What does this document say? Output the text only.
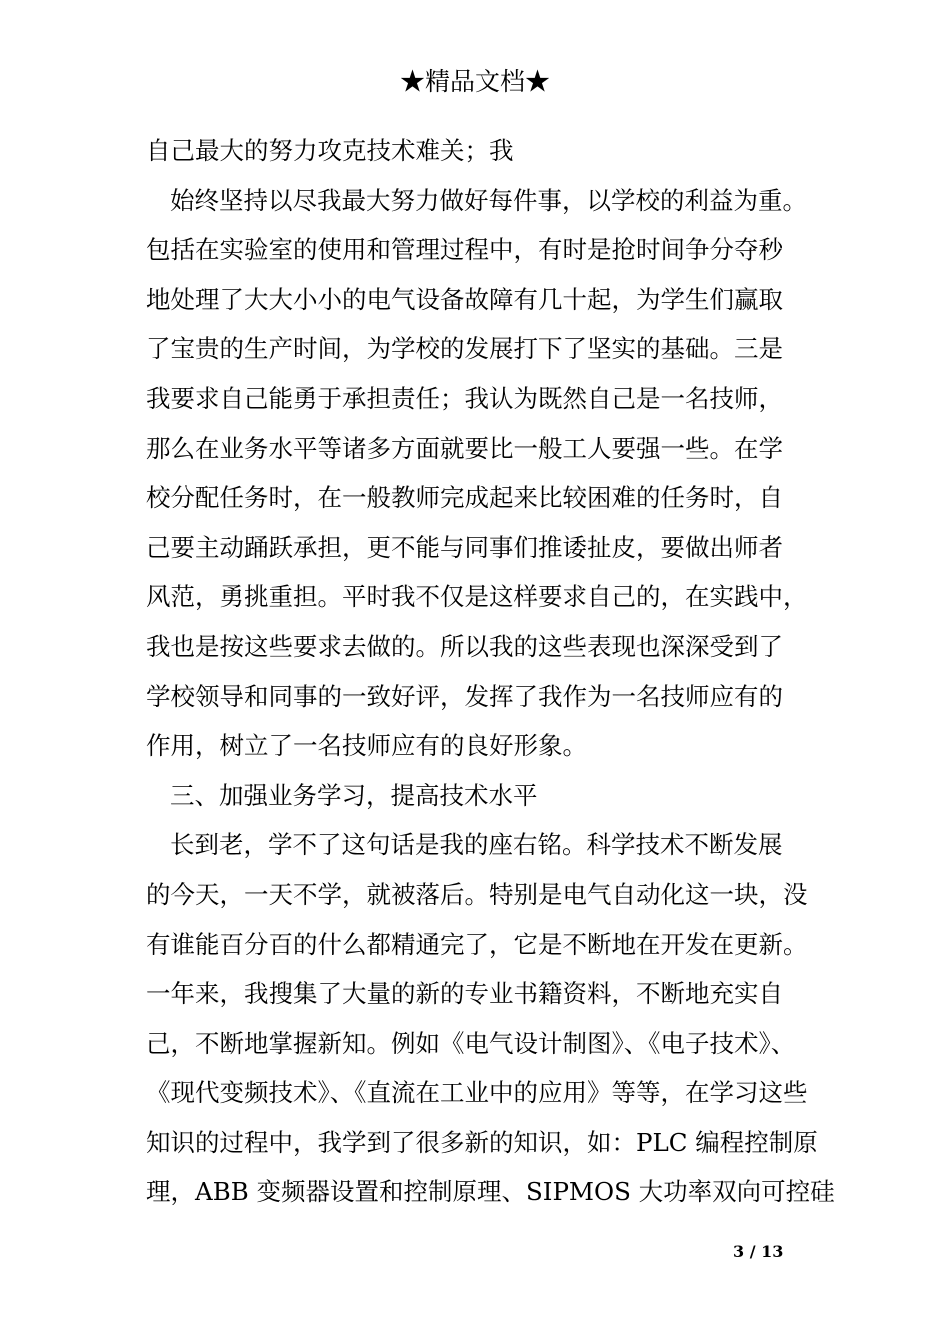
★精品文档★
自己最大的努力攻克技术难关；我
始终坚持以尽我最大努力做好每件事，以学校的利益为重。
包括在实验室的使用和管理过程中，有时是抢时间争分夺秒
地处理了大大小小的电气设备故障有几十起，为学生们赢取
了宝贵的生产时间，为学校的发展打下了坚实的基础。三是
我要求自己能勇于承担责任；我认为既然自己是一名技师，
那么在业务水平等诸多方面就要比一般工人要强一些。在学
校分配任务时，在一般教师完成起来比较困难的任务时，自
己要主动踊跃承担，更不能与同事们推诿扯皮，要做出师者
风范，勇挑重担。平时我不仅是这样要求自己的，在实践中，
我也是按这些要求去做的。所以我的这些表现也深深受到了
学校领导和同事的一致好评，发挥了我作为一名技师应有的
作用，树立了一名技师应有的良好形象。
三、加强业务学习，提高技术水平
长到老，学不了这句话是我的座右铭。科学技术不断发展
的今天，一天不学，就被落后。特别是电气自动化这一块，没
有谁能百分百的什么都精通完了，它是不断地在开发在更新。
一年来，我搜集了大量的新的专业书籍资料，不断地充实自
己，不断地掌握新知。例如《电气设计制图》、《电子技术》、
《现代变频技术》、《直流在工业中的应用》等等，在学习这些
知识的过程中，我学到了很多新的知识，如：PLC 编程控制原
理，ABB 变频器设置和控制原理、SIPMOS 大功率双向可控硅
3 / 13
